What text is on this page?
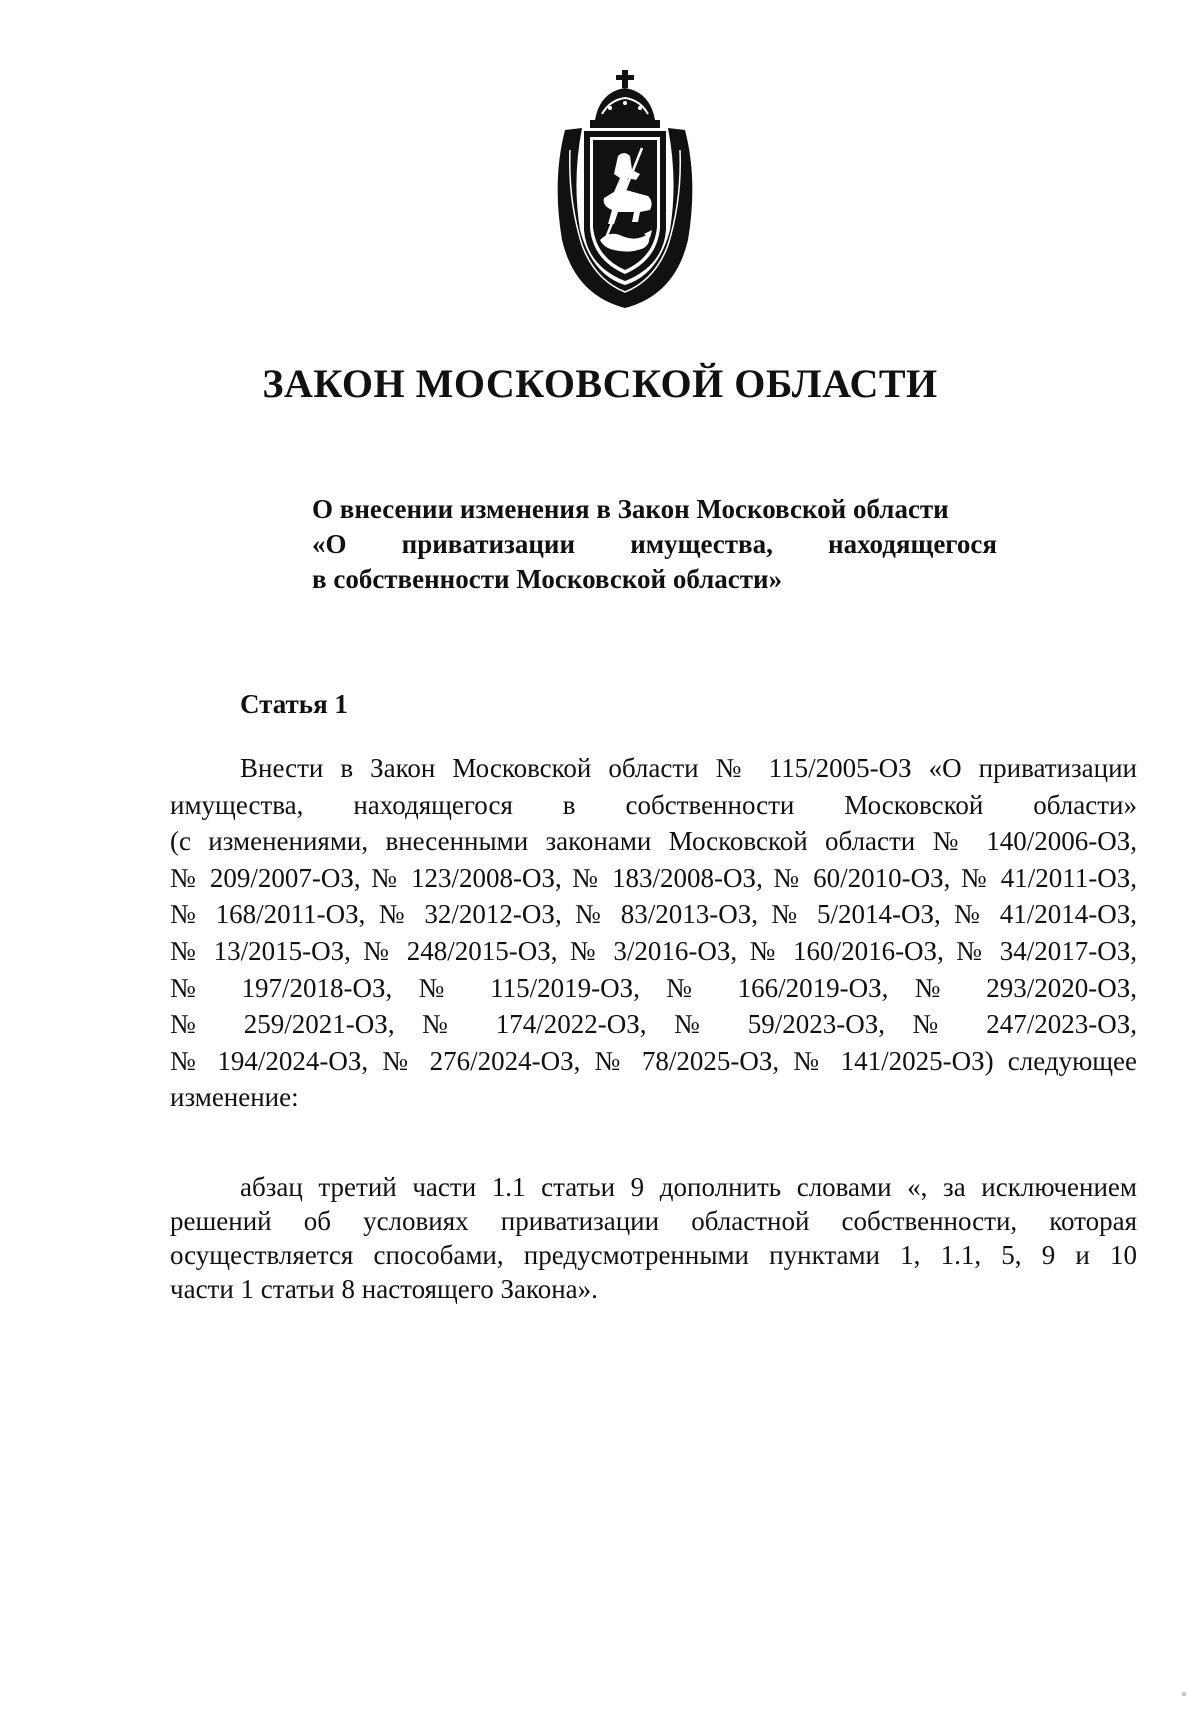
ЗАКОН МОСКОВСКОЙ ОБЛАСТИ
О внесении изменения в Закон Московской области
«О приватизации имущества, находящегося
в собственности Московской области»
Статья 1
Внести в Закон Московской области № 115/2005-ОЗ «О приватизации
имущества, находящегося в собственности Московской области»
(с изменениями, внесенными законами Московской области № 140/2006-ОЗ,
№ 209/2007-ОЗ, № 123/2008-ОЗ, № 183/2008-ОЗ, № 60/2010-ОЗ, № 41/2011-ОЗ,
№ 168/2011-ОЗ, № 32/2012-ОЗ, № 83/2013-ОЗ, № 5/2014-ОЗ, № 41/2014-ОЗ,
№ 13/2015-ОЗ, № 248/2015-ОЗ, № 3/2016-ОЗ, № 160/2016-ОЗ, № 34/2017-ОЗ,
№ 197/2018-ОЗ, № 115/2019-ОЗ, № 166/2019-ОЗ, № 293/2020-ОЗ,
№ 259/2021-ОЗ, № 174/2022-ОЗ, № 59/2023-ОЗ, № 247/2023-ОЗ,
№ 194/2024-ОЗ, № 276/2024-ОЗ, № 78/2025-ОЗ, № 141/2025-ОЗ) следующее
изменение:
абзац третий части 1.1 статьи 9 дополнить словами «, за исключением
решений об условиях приватизации областной собственности, которая
осуществляется способами, предусмотренными пунктами 1, 1.1, 5, 9 и 10
части 1 статьи 8 настоящего Закона».
